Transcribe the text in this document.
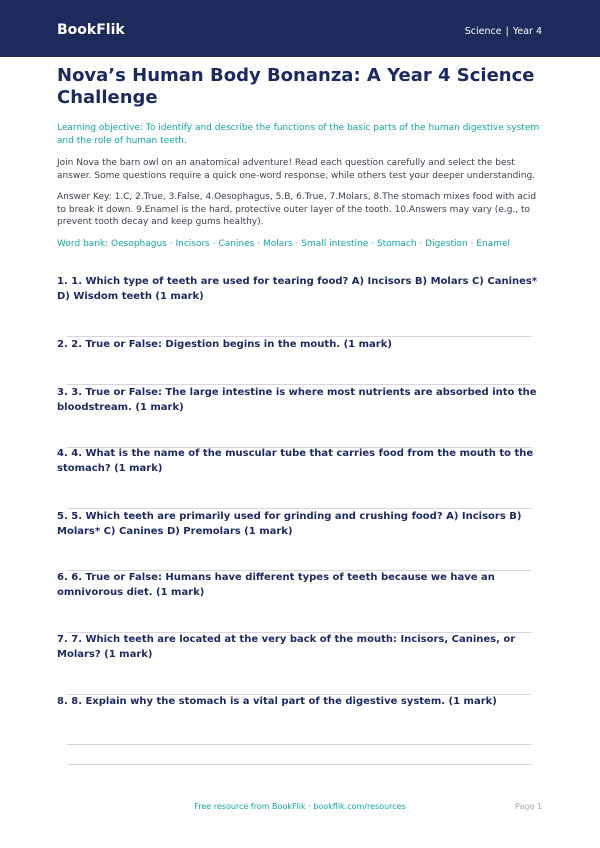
BookFlik	Science | Year 4
Nova’s Human Body Bonanza: A Year 4 Science Challenge

Learning objective: To identify and describe the functions of the basic parts of the human digestive system and the role of human teeth.

Join Nova the barn owl on an anatomical adventure! Read each question carefully and select the best answer. Some questions require a quick one-word response, while others test your deeper understanding.

Answer Key: 1.C, 2.True, 3.False, 4.Oesophagus, 5.B, 6.True, 7.Molars, 8.The stomach mixes food with acid to break it down. 9.Enamel is the hard, protective outer layer of the tooth. 10.Answers may vary (e.g., to prevent tooth decay and keep gums healthy).

Word bank: Oesophagus · Incisors · Canines · Molars · Small intestine · Stomach · Digestion · Enamel

1. 1. Which type of teeth are used for tearing food? A) Incisors B) Molars C) Canines* D) Wisdom teeth (1 mark)
2. 2. True or False: Digestion begins in the mouth. (1 mark)
3. 3. True or False: The large intestine is where most nutrients are absorbed into the bloodstream. (1 mark)
4. 4. What is the name of the muscular tube that carries food from the mouth to the stomach? (1 mark)
5. 5. Which teeth are primarily used for grinding and crushing food? A) Incisors B) Molars* C) Canines D) Premolars (1 mark)
6. 6. True or False: Humans have different types of teeth because we have an omnivorous diet. (1 mark)
7. 7. Which teeth are located at the very back of the mouth: Incisors, Canines, or Molars? (1 mark)
8. 8. Explain why the stomach is a vital part of the digestive system. (1 mark)
Free resource from BookFlik · bookflik.com/resources	Page 1
